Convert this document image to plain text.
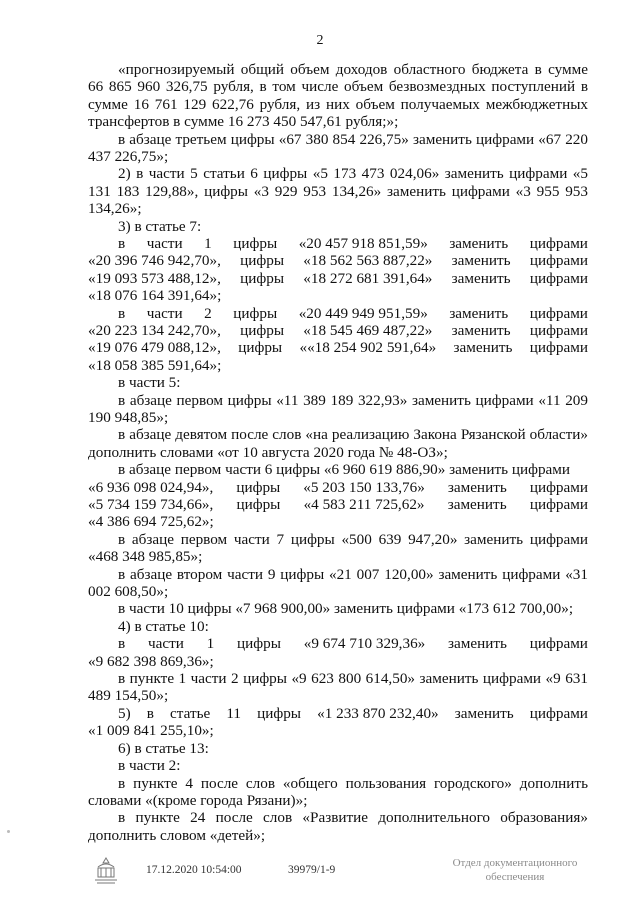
2

«прогнозируемый общий объем доходов областного бюджета в сумме 66 865 960 326,75 рубля, в том числе объем безвозмездных поступлений в сумме 16 761 129 622,76 рубля, из них объем получаемых межбюджетных трансфертов в сумме 16 273 450 547,61 рубля;»;

в абзаце третьем цифры «67 380 854 226,75» заменить цифрами «67 220 437 226,75»;

2) в части 5 статьи 6 цифры «5 173 473 024,06» заменить цифрами «5 131 183 129,88», цифры «3 929 953 134,26» заменить цифрами «3 955 953 134,26»;

3) в статье 7:

в части 1 цифры «20 457 918 851,59» заменить цифрами
«20 396 746 942,70», цифры «18 562 563 887,22» заменить цифрами
«19 093 573 488,12», цифры «18 272 681 391,64» заменить цифрами

«18 076 164 391,64»;

в части 2 цифры «20 449 949 951,59» заменить цифрами
«20 223 134 242,70», цифры «18 545 469 487,22» заменить цифрами
«19 076 479 088,12», цифры ««18 254 902 591,64» заменить цифрами

«18 058 385 591,64»;

в части 5:

в абзаце первом цифры «11 389 189 322,93» заменить цифрами «11 209 190 948,85»;

в абзаце девятом после слов «на реализацию Закона Рязанской области» дополнить словами «от 10 августа 2020 года № 48-ОЗ»;

в абзаце первом части 6 цифры «6 960 619 886,90» заменить цифрами

«6 936 098 024,94», цифры «5 203 150 133,76» заменить цифрами
«5 734 159 734,66», цифры «4 583 211 725,62» заменить цифрами

«4 386 694 725,62»;

в абзаце первом части 7 цифры «500 639 947,20» заменить цифрами «468 348 985,85»;

в абзаце втором части 9 цифры «21 007 120,00» заменить цифрами «31 002 608,50»;

в части 10 цифры «7 968 900,00» заменить цифрами «173 612 700,00»;

4) в статье 10:

в части 1 цифры «9 674 710 329,36» заменить цифрами

«9 682 398 869,36»;

в пункте 1 части 2 цифры «9 623 800 614,50» заменить цифрами «9 631 489 154,50»;

5) в статье 11 цифры «1 233 870 232,40» заменить цифрами

«1 009 841 255,10»;

6) в статье 13:

в части 2:

в пункте 4 после слов «общего пользования городского» дополнить словами «(кроме города Рязани)»;

в пункте 24 после слов «Развитие дополнительного образования» дополнить словом «детей»;

17.12.2020 10:54:00	39979/1-9
Отдел документационного
обеспечения
